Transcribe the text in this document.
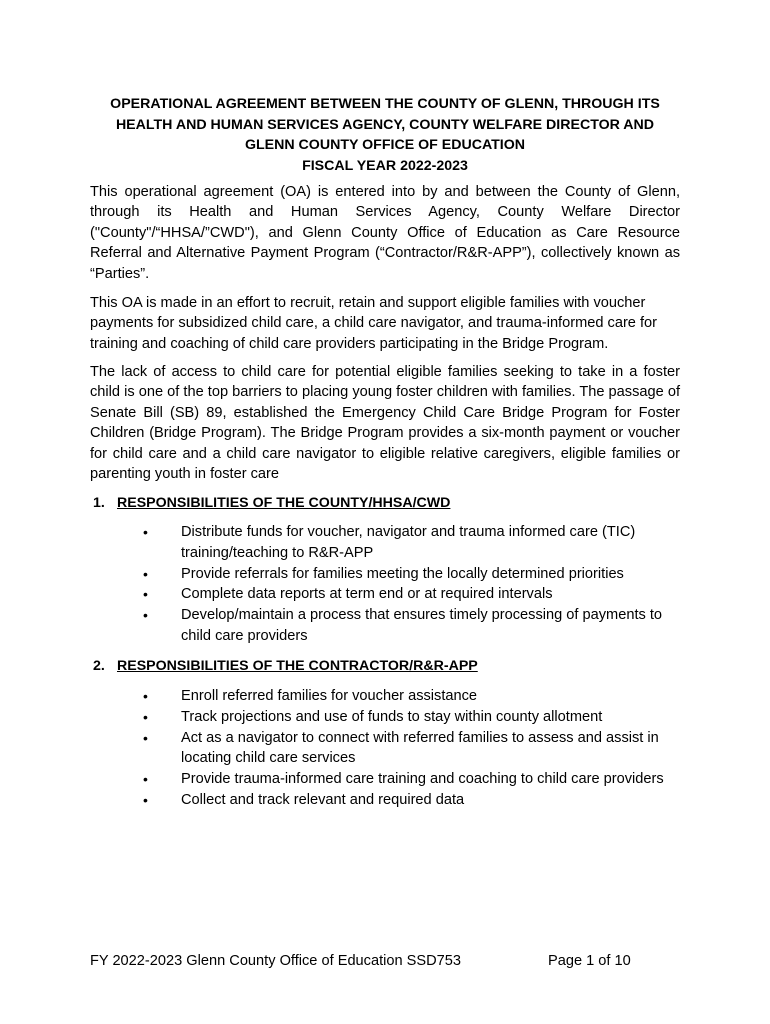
OPERATIONAL AGREEMENT BETWEEN THE COUNTY OF GLENN, THROUGH ITS
HEALTH AND HUMAN SERVICES AGENCY, COUNTY WELFARE DIRECTOR AND
GLENN COUNTY OFFICE OF EDUCATION
FISCAL YEAR 2022-2023

This operational agreement (OA) is entered into by and between the County of Glenn, through its Health and Human Services Agency, County Welfare Director ("County"/“HHSA/”CWD"), and Glenn County Office of Education as Care Resource Referral and Alternative Payment Program (“Contractor/R&R-APP”), collectively known as “Parties”.

This OA is made in an effort to recruit, retain and support eligible families with voucher payments for subsidized child care, a child care navigator, and trauma-informed care for training and coaching of child care providers participating in the Bridge Program.

The lack of access to child care for potential eligible families seeking to take in a foster child is one of the top barriers to placing young foster children with families. The passage of Senate Bill (SB) 89, established the Emergency Child Care Bridge Program for Foster Children (Bridge Program). The Bridge Program provides a six-month payment or voucher for child care and a child care navigator to eligible relative caregivers, eligible families or parenting youth in foster care

1. RESPONSIBILITIES OF THE COUNTY/HHSA/CWD
• Distribute funds for voucher, navigator and trauma informed care (TIC) training/teaching to R&R-APP
• Provide referrals for families meeting the locally determined priorities
• Complete data reports at term end or at required intervals
• Develop/maintain a process that ensures timely processing of payments to child care providers
2. RESPONSIBILITIES OF THE CONTRACTOR/R&R-APP
• Enroll referred families for voucher assistance
• Track projections and use of funds to stay within county allotment
• Act as a navigator to connect with referred families to assess and assist in locating child care services
• Provide trauma-informed care training and coaching to child care providers
• Collect and track relevant and required data
FY 2022-2023 Glenn County Office of Education SSD753	Page 1 of 10
